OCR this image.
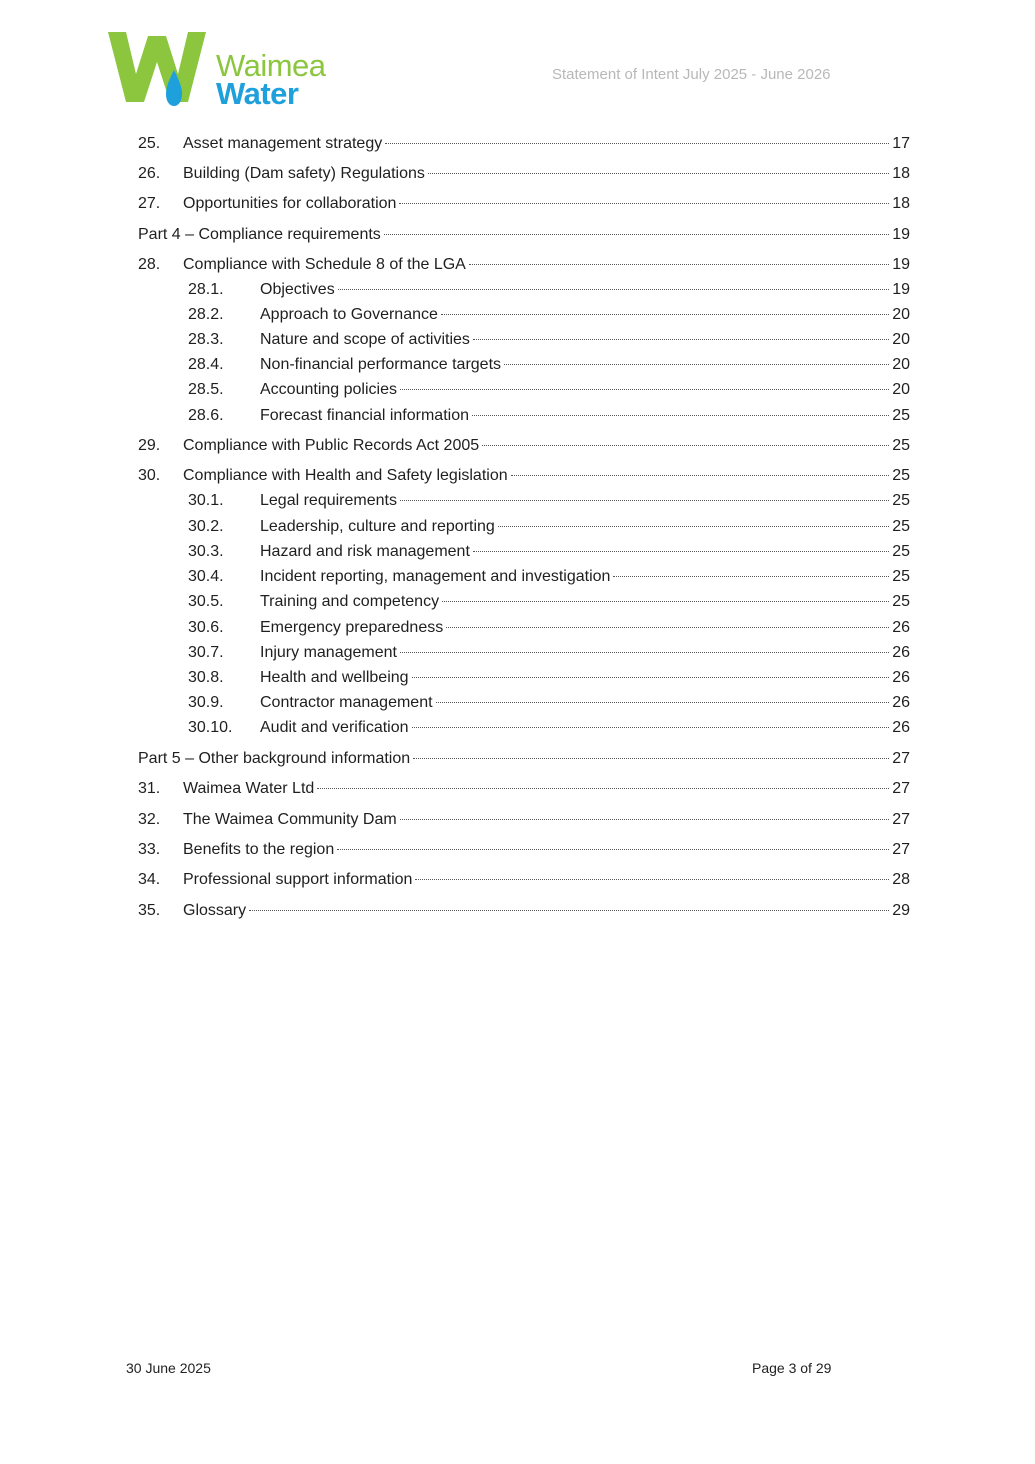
Waimea
Water
Statement of Intent July 2025 - June 2026
25.	Asset management strategy	17
26.	Building (Dam safety) Regulations	18
27.	Opportunities for collaboration	18
Part 4 – Compliance requirements	19
28.	Compliance with Schedule 8 of the LGA	19
28.1.	Objectives	19
28.2.	Approach to Governance	20
28.3.	Nature and scope of activities	20
28.4.	Non-financial performance targets	20
28.5.	Accounting policies	20
28.6.	Forecast financial information	25
29.	Compliance with Public Records Act 2005	25
30.	Compliance with Health and Safety legislation	25
30.1.	Legal requirements	25
30.2.	Leadership, culture and reporting	25
30.3.	Hazard and risk management	25
30.4.	Incident reporting, management and investigation	25
30.5.	Training and competency	25
30.6.	Emergency preparedness	26
30.7.	Injury management	26
30.8.	Health and wellbeing	26
30.9.	Contractor management	26
30.10.	Audit and verification	26
Part 5 – Other background information	27
31.	Waimea Water Ltd	27
32.	The Waimea Community Dam	27
33.	Benefits to the region	27
34.	Professional support information	28
35.	Glossary	29
30 June 2025	Page 3 of 29
